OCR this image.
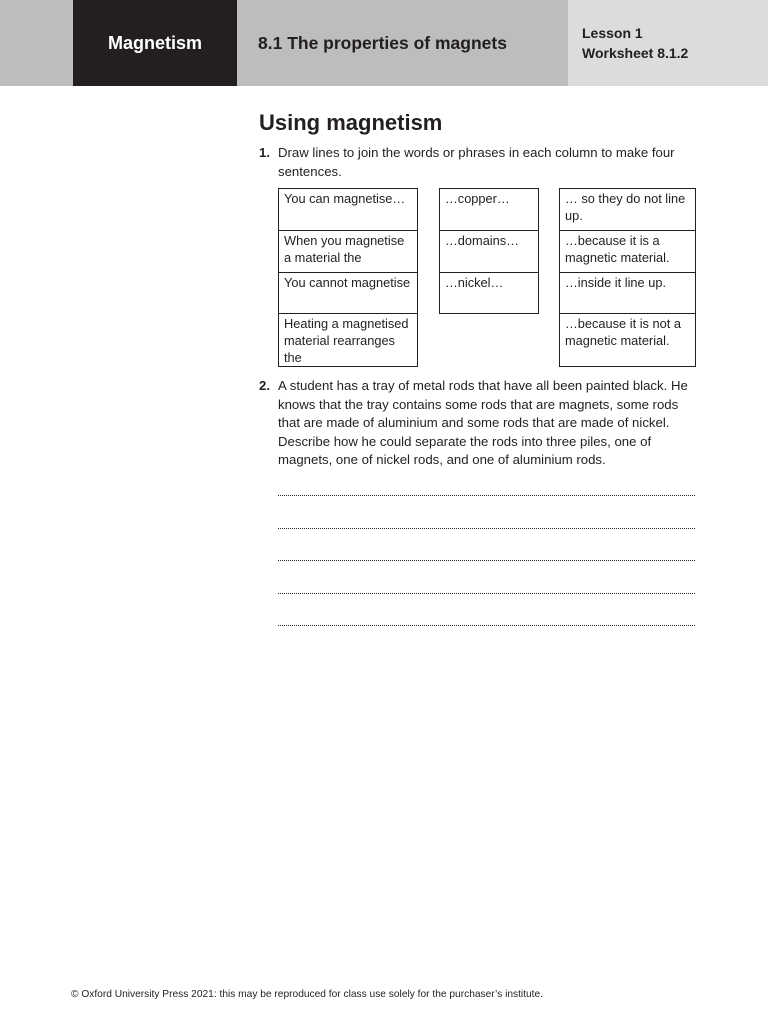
Magnetism	8.1 The properties of magnets	Lesson 1
Worksheet 8.1.2
Using magnetism
1. Draw lines to join the words or phrases in each column to make four sentences.
You can magnetise…
When you magnetise a material the
You cannot magnetise
Heating a magnetised material rearranges the
…copper…
…domains…
…nickel…
… so they do not line up.
…because it is a magnetic material.
…inside it line up.
…because it is not a magnetic material.
2. A student has a tray of metal rods that have all been painted black. He knows that the tray contains some rods that are magnets, some rods that are made of aluminium and some rods that are made of nickel. Describe how he could separate the rods into three piles, one of magnets, one of nickel rods, and one of aluminium rods.
© Oxford University Press 2021: this may be reproduced for class use solely for the purchaser’s institute.
